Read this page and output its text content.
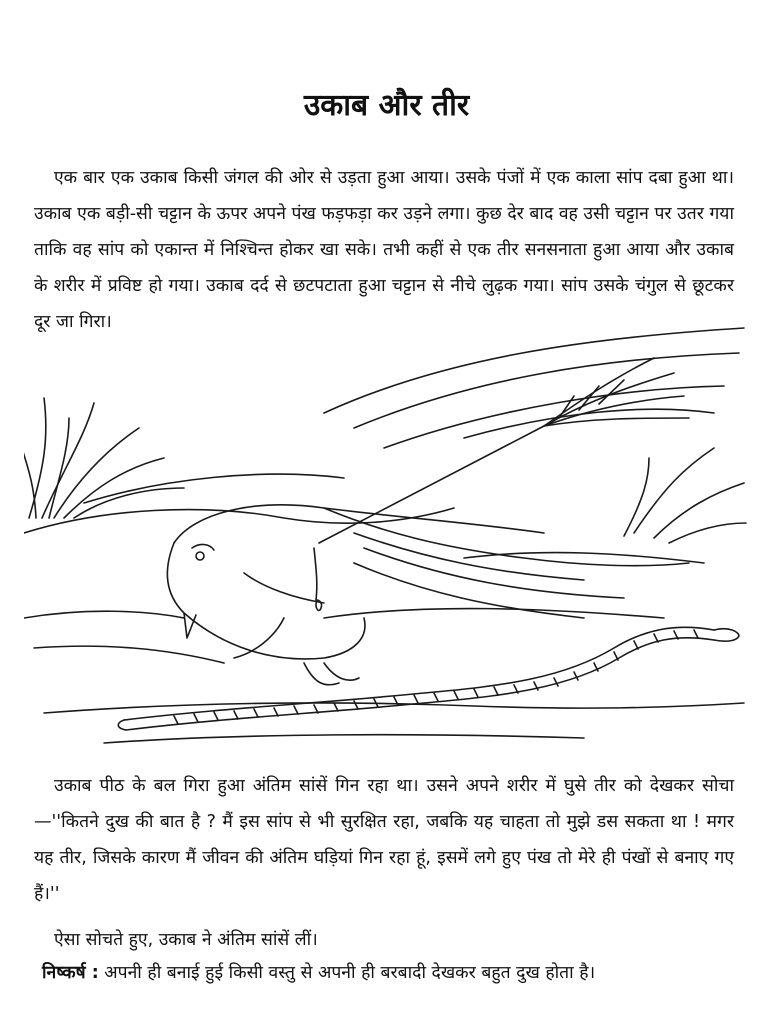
उकाब और तीर

एक बार एक उकाब किसी जंगल की ओर से उड़ता हुआ आया। उसके पंजों में एक काला सांप दबा हुआ था। उकाब एक बड़ी-सी चट्टान के ऊपर अपने पंख फड़फड़ा कर उड़ने लगा। कुछ देर बाद वह उसी चट्टान पर उतर गया ताकि वह सांप को एकान्त में निश्चिन्त होकर खा सके। तभी कहीं से एक तीर सनसनाता हुआ आया और उकाब के शरीर में प्रविष्ट हो गया। उकाब दर्द से छटपटाता हुआ चट्टान से नीचे लुढ़क गया। सांप उसके चंगुल से छूटकर दूर जा गिरा।

उकाब पीठ के बल गिरा हुआ अंतिम सांसें गिन रहा था। उसने अपने शरीर में घुसे तीर को देखकर सोचा—''कितने दुख की बात है ? मैं इस सांप से भी सुरक्षित रहा, जबकि यह चाहता तो मुझे डस सकता था ! मगर यह तीर, जिसके कारण मैं जीवन की अंतिम घड़ियां गिन रहा हूं, इसमें लगे हुए पंख तो मेरे ही पंखों से बनाए गए हैं।''

ऐसा सोचते हुए, उकाब ने अंतिम सांसें लीं।

निष्कर्ष : अपनी ही बनाई हुई किसी वस्तु से अपनी ही बरबादी देखकर बहुत दुख होता है।
